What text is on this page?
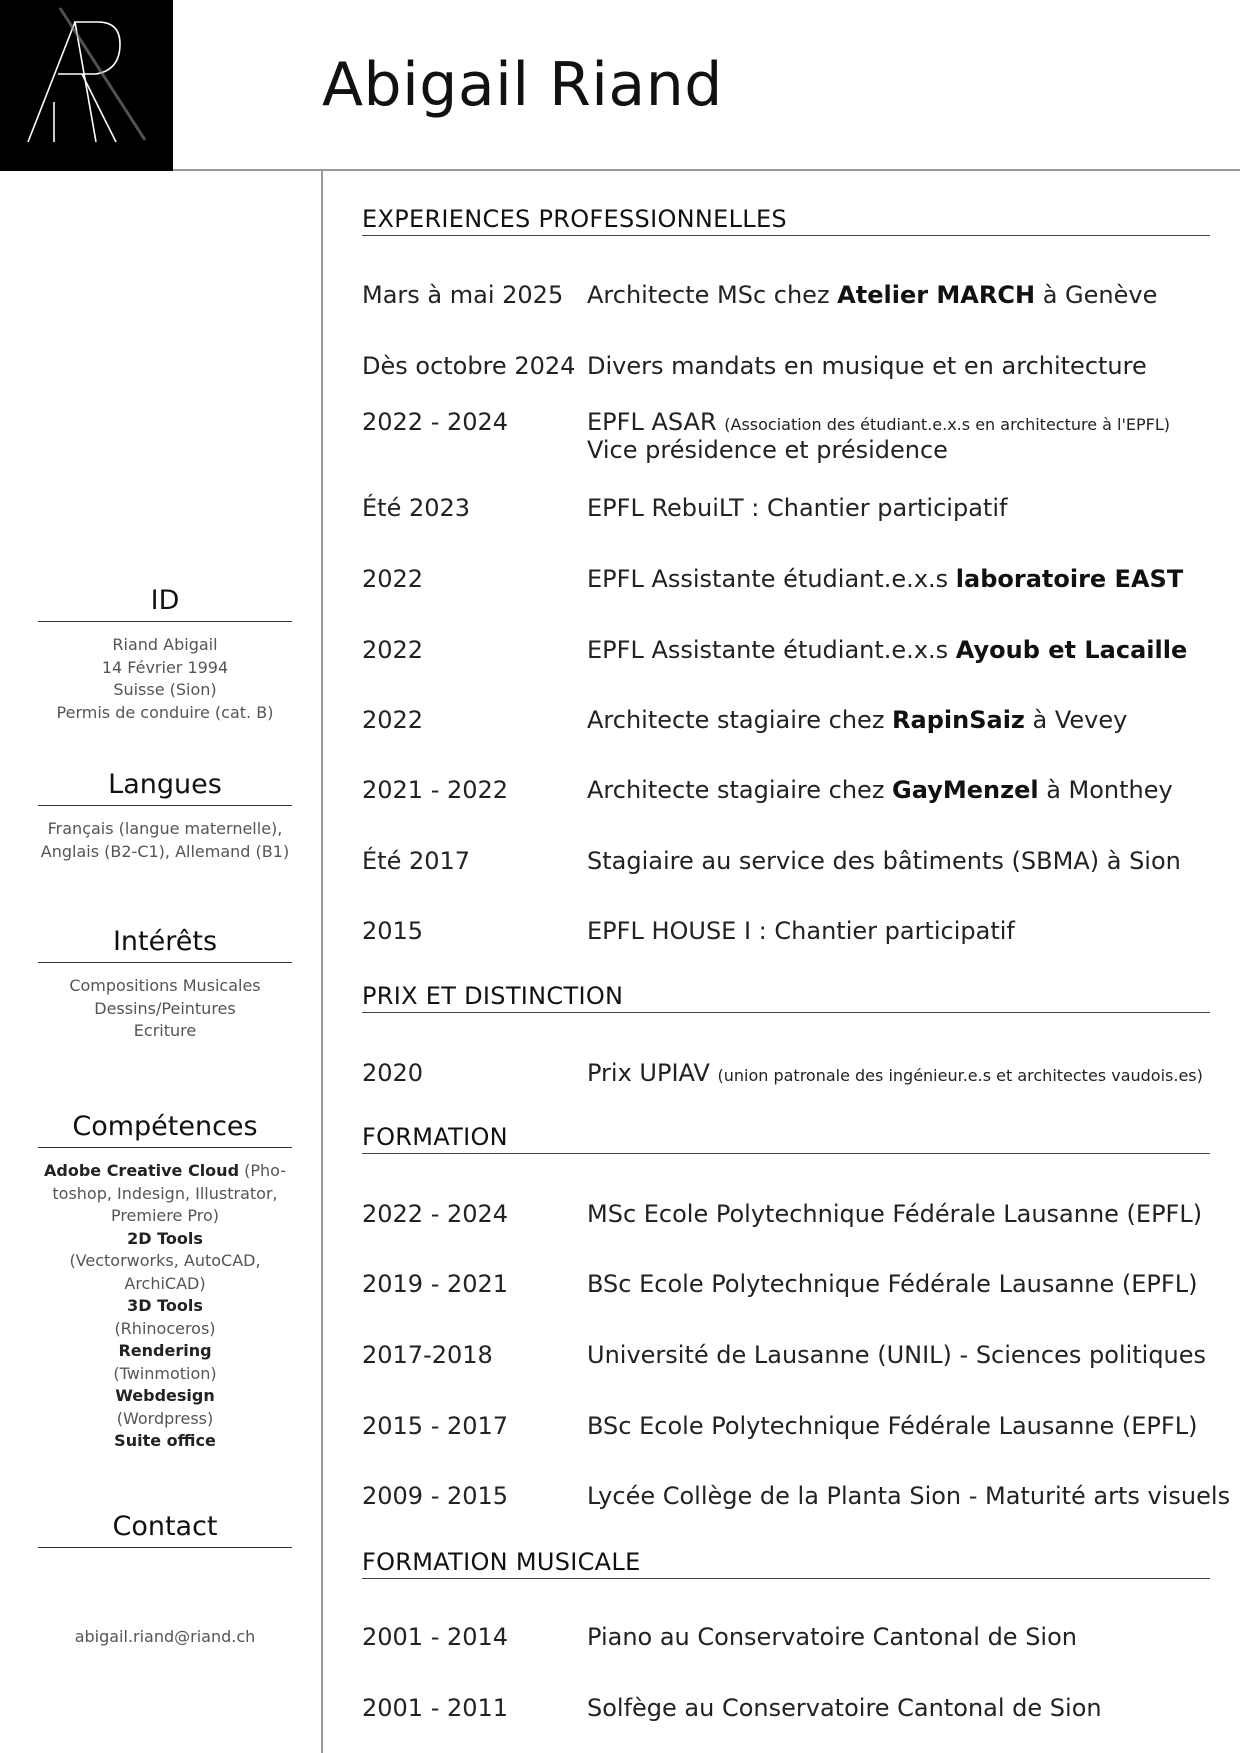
Abigail Riand
ID
Riand Abigail
14 Février 1994
Suisse (Sion)
Permis de conduire (cat. B)
Langues
Français (langue maternelle),
Anglais (B2-C1), Allemand (B1)
Intérêts
Compositions Musicales
Dessins/Peintures
Ecriture
Compétences
Adobe Creative Cloud (Pho-
toshop, Indesign, Illustrator,
Premiere Pro)
2D Tools
(Vectorworks, AutoCAD,
ArchiCAD)
3D Tools
(Rhinoceros)
Rendering
(Twinmotion)
Webdesign
(Wordpress)
Suite office
Contact
abigail.riand@riand.ch
EXPERIENCES PROFESSIONNELLES
Mars à mai 2025 Architecte MSc chez Atelier MARCH à Genève
Dès octobre 2024 Divers mandats en musique et en architecture
2022 - 2024	EPFL ASAR (Association des étudiant.e.x.s en architecture à l'EPFL)
Vice présidence et présidence
Été 2023	EPFL RebuiLT : Chantier participatif
2022	EPFL Assistante étudiant.e.x.s laboratoire EAST
2022	EPFL Assistante étudiant.e.x.s Ayoub et Lacaille
2022	Architecte stagiaire chez RapinSaiz à Vevey
2021 - 2022	Architecte stagiaire chez GayMenzel à Monthey
Été 2017	Stagiaire au service des bâtiments (SBMA) à Sion
2015	EPFL HOUSE I : Chantier participatif
PRIX ET DISTINCTION
2020	Prix UPIAV (union patronale des ingénieur.e.s et architectes vaudois.es)
FORMATION
2022 - 2024	MSc Ecole Polytechnique Fédérale Lausanne (EPFL)
2019 - 2021	BSc Ecole Polytechnique Fédérale Lausanne (EPFL)
2017-2018	Université de Lausanne (UNIL) - Sciences politiques
2015 - 2017	BSc Ecole Polytechnique Fédérale Lausanne (EPFL)
2009 - 2015	Lycée Collège de la Planta Sion - Maturité arts visuels
FORMATION MUSICALE
2001 - 2014	Piano au Conservatoire Cantonal de Sion
2001 - 2011	Solfège au Conservatoire Cantonal de Sion
